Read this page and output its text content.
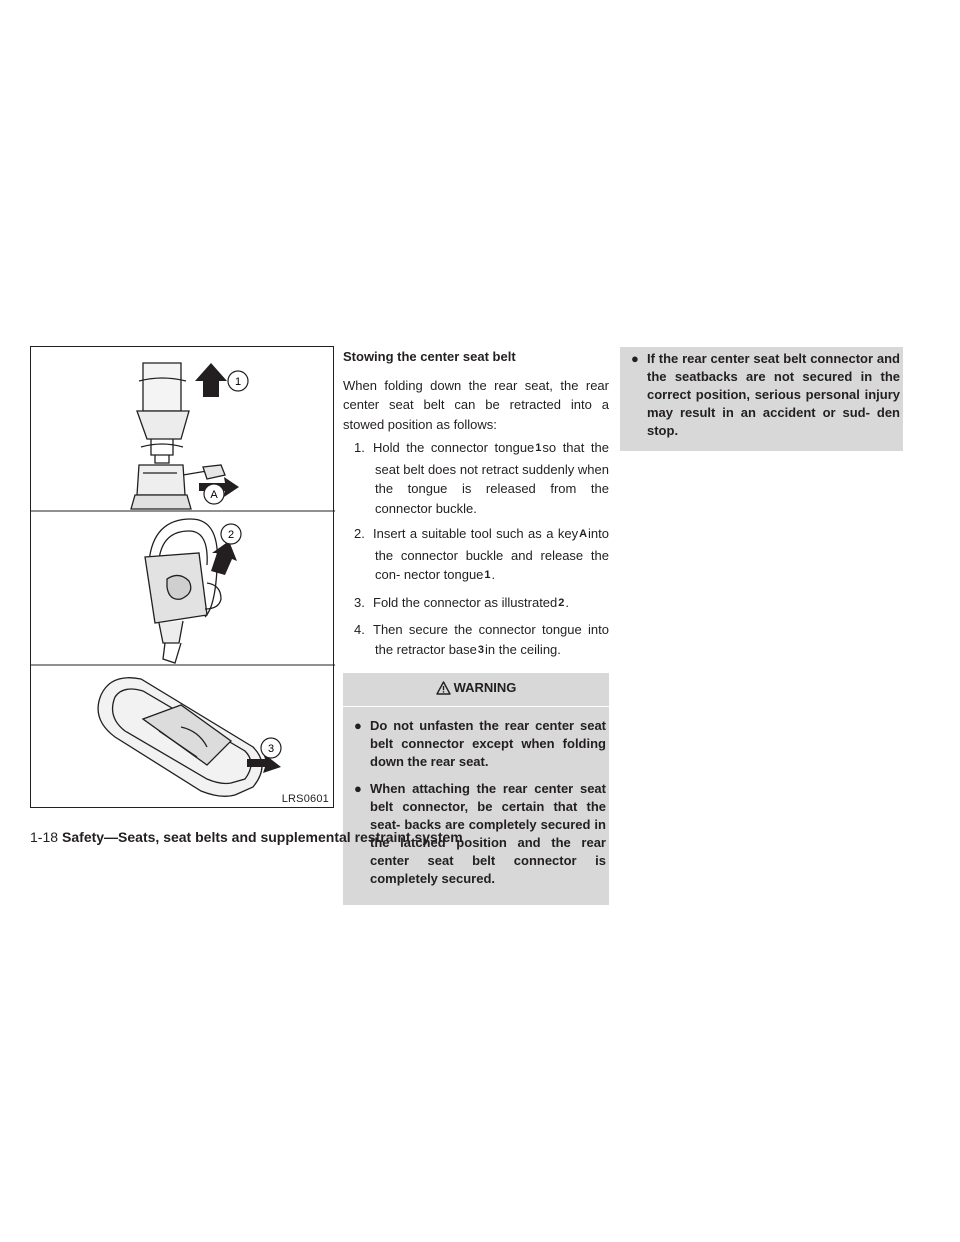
1
A
2
3
LRS0601
Stowing the center seat belt

When folding down the rear seat, the rear center seat belt can be retracted into a stowed position as follows:

1. Hold the connector tongue1so that the seat belt does not retract suddenly when the tongue is released from the connector buckle.
2. Insert a suitable tool such as a keyAinto the connector buckle and release the con- nector tongue1.
3. Fold the connector as illustrated2.
4. Then secure the connector tongue into the retractor base3in the ceiling.
WARNING
● Do not unfasten the rear center seat belt connector except when folding down the rear seat.
● When attaching the rear center seat belt connector, be certain that the seat- backs are completely secured in the latched position and the rear center seat belt connector is completely secured.
● If the rear center seat belt connector and the seatbacks are not secured in the correct position, serious personal injury may result in an accident or sud- den stop.
1-18 Safety—Seats, seat belts and supplemental restraint system
